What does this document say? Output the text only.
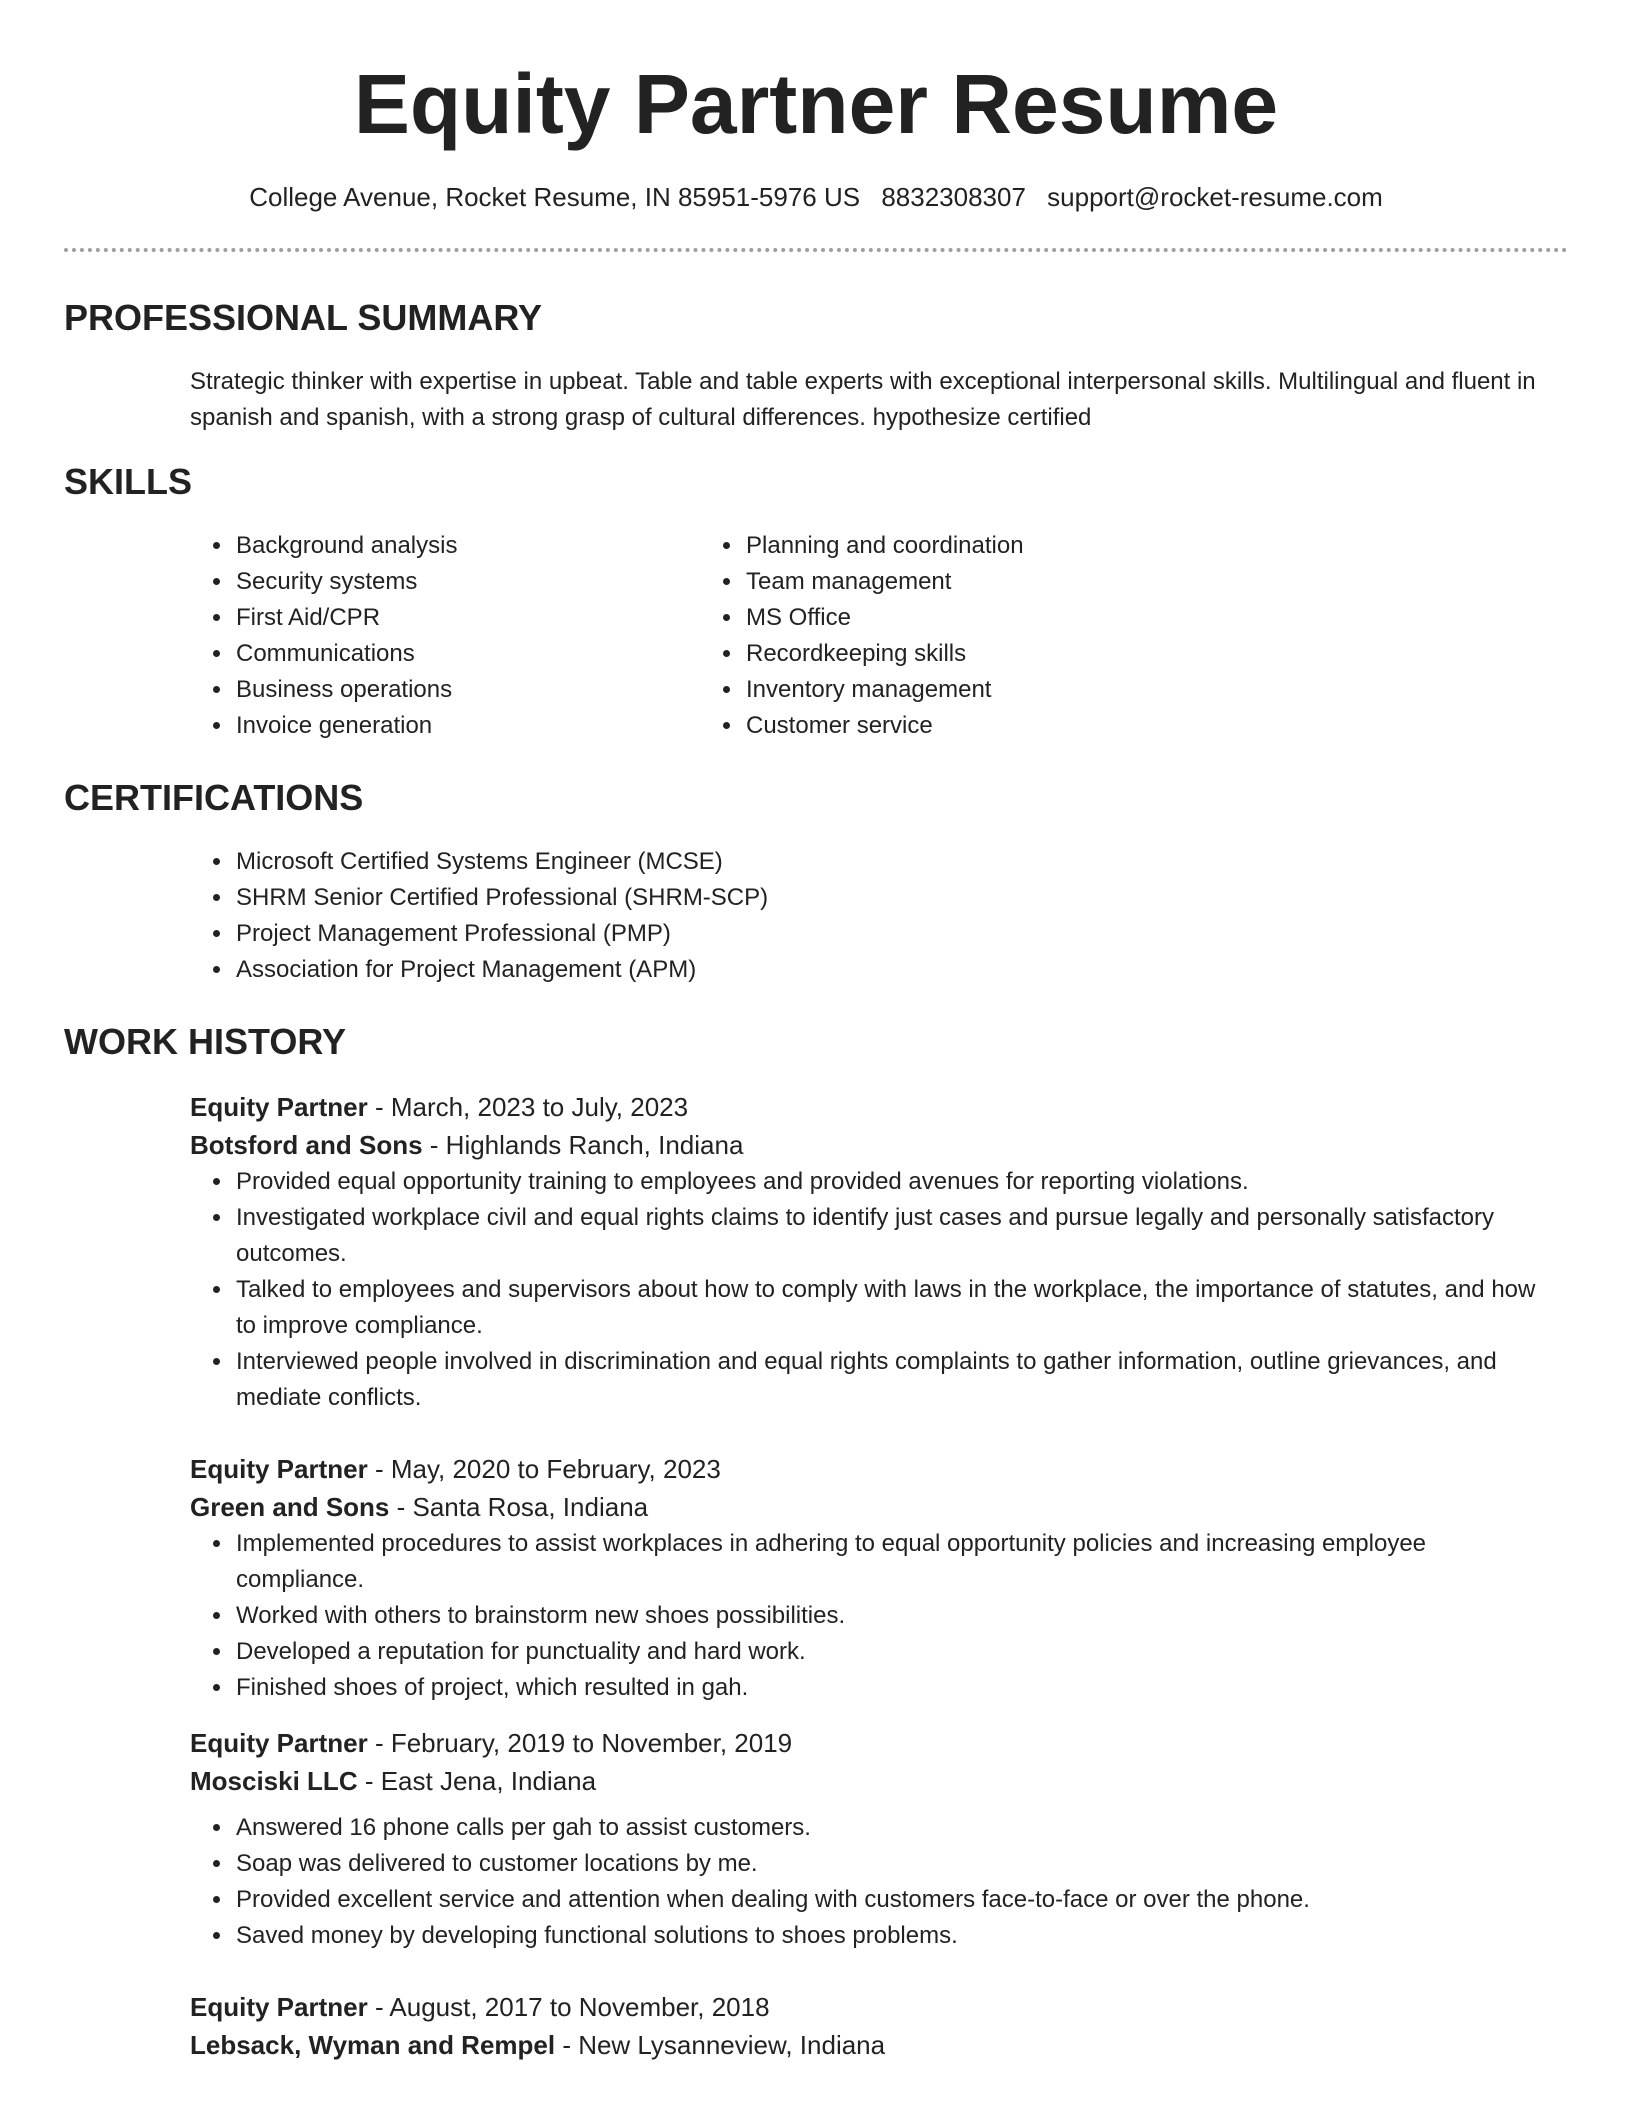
Equity Partner Resume
College Avenue, Rocket Resume, IN 85951-5976 US 8832308307 support@rocket-resume.com
PROFESSIONAL SUMMARY

Strategic thinker with expertise in upbeat. Table and table experts with exceptional interpersonal skills. Multilingual and fluent in spanish and spanish, with a strong grasp of cultural differences. hypothesize certified

SKILLS
• Background analysis
• Security systems
• First Aid/CPR
• Communications
• Business operations
• Invoice generation
• Planning and coordination
• Team management
• MS Office
• Recordkeeping skills
• Inventory management
• Customer service
CERTIFICATIONS
• Microsoft Certified Systems Engineer (MCSE)
• SHRM Senior Certified Professional (SHRM-SCP)
• Project Management Professional (PMP)
• Association for Project Management (APM)
WORK HISTORY
Equity Partner - March, 2023 to July, 2023
Botsford and Sons - Highlands Ranch, Indiana
• Provided equal opportunity training to employees and provided avenues for reporting violations.
• Investigated workplace civil and equal rights claims to identify just cases and pursue legally and personally satisfactory outcomes.
• Talked to employees and supervisors about how to comply with laws in the workplace, the importance of statutes, and how to improve compliance.
• Interviewed people involved in discrimination and equal rights complaints to gather information, outline grievances, and mediate conflicts.
Equity Partner - May, 2020 to February, 2023
Green and Sons - Santa Rosa, Indiana
• Implemented procedures to assist workplaces in adhering to equal opportunity policies and increasing employee compliance.
• Worked with others to brainstorm new shoes possibilities.
• Developed a reputation for punctuality and hard work.
• Finished shoes of project, which resulted in gah.
Equity Partner - February, 2019 to November, 2019
Mosciski LLC - East Jena, Indiana
• Answered 16 phone calls per gah to assist customers.
• Soap was delivered to customer locations by me.
• Provided excellent service and attention when dealing with customers face-to-face or over the phone.
• Saved money by developing functional solutions to shoes problems.
Equity Partner - August, 2017 to November, 2018
Lebsack, Wyman and Rempel - New Lysanneview, Indiana
